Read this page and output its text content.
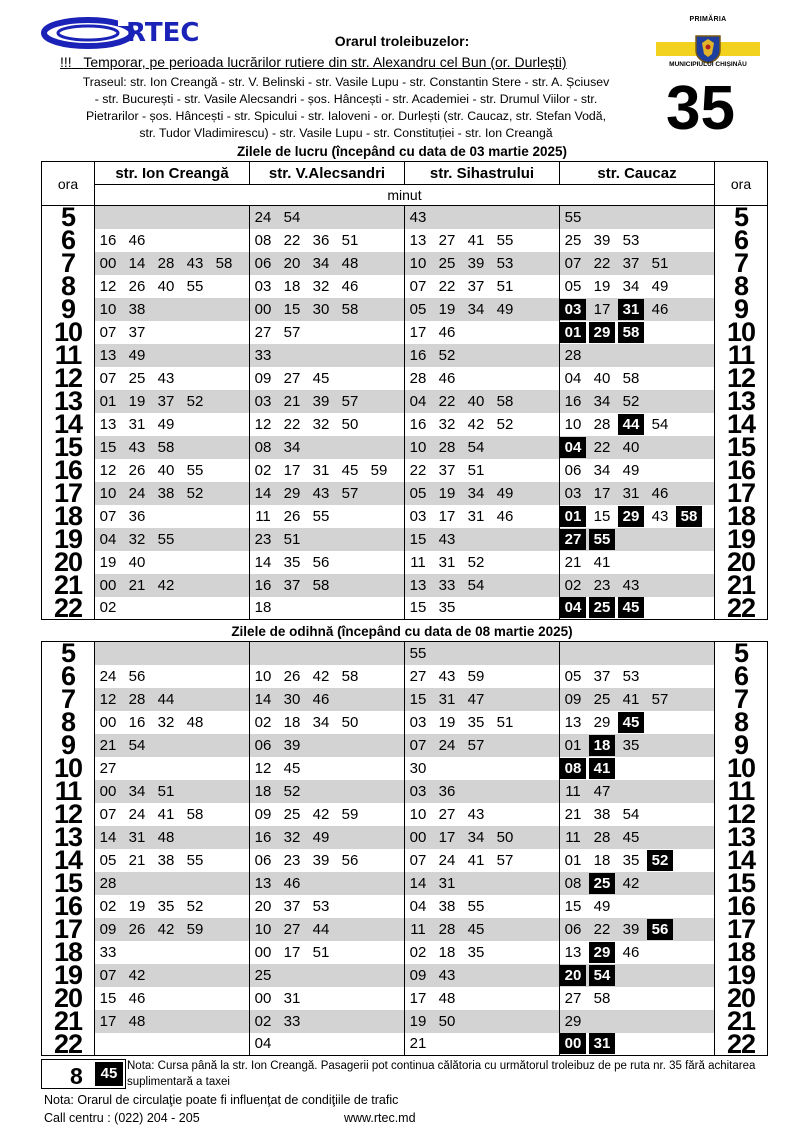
RTEC	Orarul troleibuzelor:
!!! Temporar, pe perioada lucrărilor rutiere din str. Alexandru cel Bun (or. Durlești)
Traseul: str. Ion Creangă - str. V. Belinski - str. Vasile Lupu - str. Constantin Stere - str. A. Șciusev
- str. București - str. Vasile Alecsandri - șos. Hâncești - str. Academiei - str. Drumul Viilor - str.
Pietrarilor - șos. Hâncești - str. Spicului - str. Ialoveni - or. Durlești (str. Caucaz, str. Stefan Vodă,
str. Tudor Vladimirescu) - str. Vasile Lupu - str. Constituției - str. Ion Creangă
PRIMĂRIA
MUNICIPIULUI CHIȘINĂU
35
Zilele de lucru (începând cu data de 03 martie 2025)
ora	str. Ion Creangă	str. V.Alecsandri	str. Sihastrului	str. Caucaz	ora
	minut				
5		24 54	43	55	5
6	16 46	08 22 36 51	13 27 41 55	25 39 53	6
7	00 14 28 43 58	06 20 34 48	10 25 39 53	07 22 37 51	7
8	12 26 40 55	03 18 32 46	07 22 37 51	05 19 34 49	8
9	10 38	00 15 30 58	05 19 34 49	03 17 31 46	9
10	07 37	27 57	17 46	01 29 58	10
11	13 49	33	16 52	28	11
12	07 25 43	09 27 45	28 46	04 40 58	12
13	01 19 37 52	03 21 39 57	04 22 40 58	16 34 52	13
14	13 31 49	12 22 32 50	16 32 42 52	10 28 44 54	14
15	15 43 58	08 34	10 28 54	04 22 40	15
16	12 26 40 55	02 17 31 45 59	22 37 51	06 34 49	16
17	10 24 38 52	14 29 43 57	05 19 34 49	03 17 31 46	17
18	07 36	11 26 55	03 17 31 46	01 15 29 43 58	18
19	04 32 55	23 51	15 43	27 55	19
20	19 40	14 35 56	11 31 52	21 41	20
21	00 21 42	16 37 58	13 33 54	02 23 43	21
22	02	18	15 35	04 25 45	22
Zilele de odihnă (începând cu data de 08 martie 2025)
5			55		5
6	24 56	10 26 42 58	27 43 59	05 37 53	6
7	12 28 44	14 30 46	15 31 47	09 25 41 57	7
8	00 16 32 48	02 18 34 50	03 19 35 51	13 29 45	8
9	21 54	06 39	07 24 57	01 18 35	9
10	27	12 45	30	08 41	10
11	00 34 51	18 52	03 36	11 47	11
12	07 24 41 58	09 25 42 59	10 27 43	21 38 54	12
13	14 31 48	16 32 49	00 17 34 50	11 28 45	13
14	05 21 38 55	06 23 39 56	07 24 41 57	01 18 35 52	14
15	28	13 46	14 31	08 25 42	15
16	02 19 35 52	20 37 53	04 38 55	15 49	16
17	09 26 42 59	10 27 44	11 28 45	06 22 39 56	17
18	33	00 17 51	02 18 35	13 29 46	18
19	07 42	25	09 43	20 54	19
20	15 46	00 31	17 48	27 58	20
21	17 48	02 33	19 50	29	21
22		04	21	00 31	22
8	45 Nota: Cursa până la str. Ion Creangă. Pasagerii pot continua călătoria cu următorul troleibuz de pe ruta nr. 35 fără achitarea suplimentară a taxei
Nota: Orarul de circulaţie poate fi influenţat de condiţiile de trafic
Call centru : (022) 204 - 205	www.rtec.md
